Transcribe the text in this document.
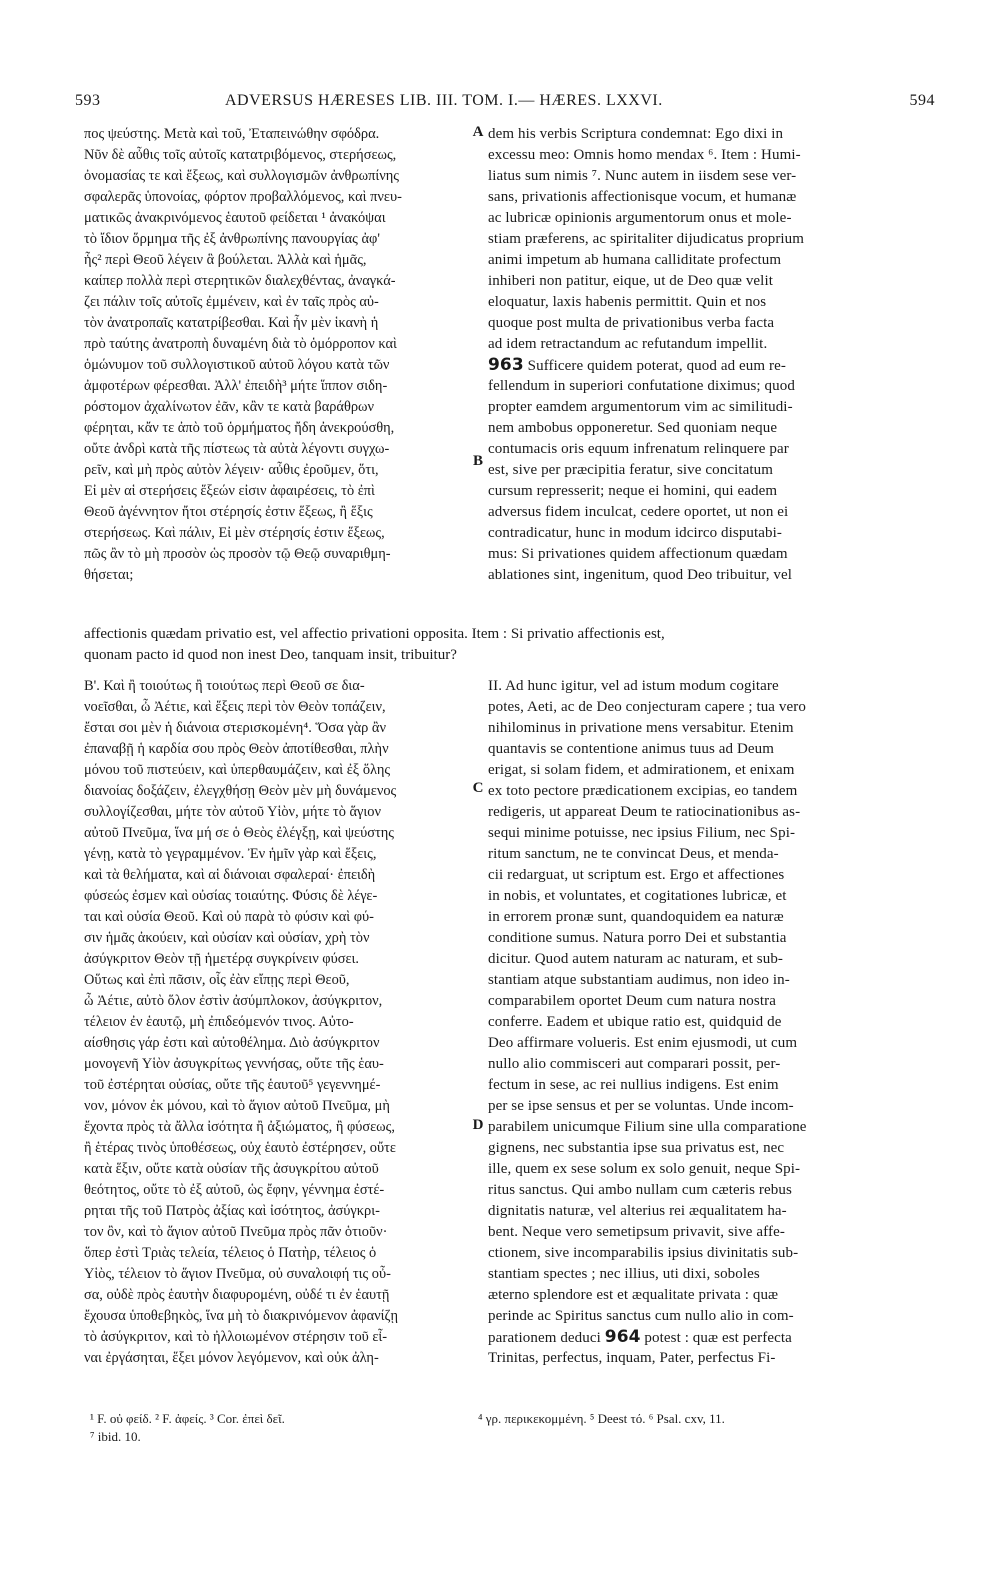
593	ADVERSUS HÆRESES LIB. III. TOM. I.— HÆRES. LXXVI.	594
πος ψεύστης. Μετὰ καὶ τοῦ, Ἐταπεινώθην σφόδρα.
Νῦν δὲ αὖθις τοῖς αὐτοῖς κατατριβόμενος, στερήσεως,
ὀνομασίας τε καὶ ἕξεως, καὶ συλλογισμῶν ἀνθρωπίνης
σφαλερᾶς ὑπονοίας, φόρτον προβαλλόμενος, καὶ πνευ-
ματικῶς ἀνακρινόμενος ἑαυτοῦ φείδεται ¹ ἀνακόψαι
τὸ ἴδιον ὅρμημα τῆς ἐξ ἀνθρωπίνης πανουργίας ἀφ'
ἧς² περὶ Θεοῦ λέγειν ἃ βούλεται. Ἀλλὰ καὶ ἡμᾶς,
καίπερ πολλὰ περὶ στερητικῶν διαλεχθέντας, ἀναγκά-
ζει πάλιν τοῖς αὐτοῖς ἐμμένειν, καὶ ἐν ταῖς πρὸς αὐ-
τὸν ἀνατροπαῖς κατατρίβεσθαι. Καὶ ἦν μὲν ἱκανὴ ἡ
πρὸ ταύτης ἀνατροπὴ δυναμένη διὰ τὸ ὁμόρροπον καὶ
ὁμώνυμον τοῦ συλλογιστικοῦ αὐτοῦ λόγου κατὰ τῶν
ἀμφοτέρων φέρεσθαι. Ἀλλ' ἐπειδὴ³ μήτε ἵππον σιδη-
ρόστομον ἀχαλίνωτον ἐᾶν, κἂν τε κατὰ βαράθρων
φέρηται, κἄν τε ἀπὸ τοῦ ὁρμήματος ἤδη ἀνεκρούσθη,
οὔτε ἀνδρὶ κατὰ τῆς πίστεως τὰ αὐτὰ λέγοντι συγχω-
ρεῖν, καὶ μὴ πρὸς αὐτὸν λέγειν· αὖθις ἐροῦμεν, ὅτι,
Εἰ μὲν αἱ στερήσεις ἕξεών εἰσιν ἀφαιρέσεις, τὸ ἐπὶ
Θεοῦ ἀγέννητον ἤτοι στέρησίς ἐστιν ἕξεως, ἢ ἕξις
στερήσεως. Καὶ πάλιν, Εἰ μὲν στέρησίς ἐστιν ἕξεως,
πῶς ἂν τὸ μὴ προσὸν ὡς προσὸν τῷ Θεῷ συναριθμη-
θήσεται;
dem his verbis Scriptura condemnat: Ego dixi in
excessu meo: Omnis homo mendax ⁶. Item : Humi-
liatus sum nimis ⁷. Nunc autem in iisdem sese ver-
sans, privationis affectionisque vocum, et humanæ
ac lubricæ opinionis argumentorum onus et mole-
stiam præferens, ac spiritaliter dijudicatus proprium
animi impetum ab humana calliditate profectum
inhiberi non patitur, eique, ut de Deo quæ velit
eloquatur, laxis habenis permittit. Quin et nos
quoque post multa de privationibus verba facta
ad idem retractandum ac refutandum impellit.
963 Sufficere quidem poterat, quod ad eum re-
fellendum in superiori confutatione diximus; quod
propter eamdem argumentorum vim ac similitudi-
nem ambobus opponeretur. Sed quoniam neque
contumacis oris equum infrenatum relinquere par
est, sive per præcipitia feratur, sive concitatum
cursum represserit; neque ei homini, qui eadem
adversus fidem inculcat, cedere oportet, ut non ei
contradicatur, hunc in modum idcirco disputabi-
mus: Si privationes quidem affectionum quædam
ablationes sint, ingenitum, quod Deo tribuitur, vel
affectionis quædam privatio est, vel affectio privationi opposita. Item : Si privatio affectionis est,
quonam pacto id quod non inest Deo, tanquam insit, tribuitur?
Β'. Καὶ ἢ τοιούτως ἢ τοιούτως περὶ Θεοῦ σε δια-
νοεῖσθαι, ὦ Ἀέτιε, καὶ ἕξεις περὶ τὸν Θεὸν τοπάζειν,
ἔσται σοι μὲν ἡ διάνοια στερισκομένη⁴. Ὅσα γὰρ ἂν
ἐπαναβῇ ἡ καρδία σου πρὸς Θεὸν ἀποτίθεσθαι, πλὴν
μόνου τοῦ πιστεύειν, καὶ ὑπερθαυμάζειν, καὶ ἐξ ὅλης
διανοίας δοξάζειν, ἐλεγχθήσῃ Θεὸν μὲν μὴ δυνάμενος
συλλογίζεσθαι, μήτε τὸν αὐτοῦ Υἱὸν, μήτε τὸ ἅγιον
αὐτοῦ Πνεῦμα, ἵνα μή σε ὁ Θεὸς ἐλέγξῃ, καὶ ψεύστης
γένῃ, κατὰ τὸ γεγραμμένον. Ἐν ἡμῖν γὰρ καὶ ἕξεις,
καὶ τὰ θελήματα, καὶ αἱ διάνοιαι σφαλεραί· ἐπειδὴ
φύσεώς ἐσμεν καὶ οὐσίας τοιαύτης. Φύσις δὲ λέγε-
ται καὶ οὐσία Θεοῦ. Καὶ οὐ παρὰ τὸ φύσιν καὶ φύ-
σιν ἡμᾶς ἀκούειν, καὶ οὐσίαν καὶ οὐσίαν, χρὴ τὸν
ἀσύγκριτον Θεὸν τῇ ἡμετέρᾳ συγκρίνειν φύσει.
Οὕτως καὶ ἐπὶ πᾶσιν, οἷς ἐὰν εἴπῃς περὶ Θεοῦ,
ὦ Ἀέτιε, αὐτὸ ὅλον ἐστὶν ἀσύμπλοκον, ἀσύγκριτον,
τέλειον ἐν ἑαυτῷ, μὴ ἐπιδεόμενόν τινος. Αὐτο-
αίσθησις γάρ ἐστι καὶ αὐτοθέλημα. Διὸ ἀσύγκριτον
μονογενῆ Υἱὸν ἀσυγκρίτως γεννήσας, οὔτε τῆς ἑαυ-
τοῦ ἐστέρηται οὐσίας, οὔτε τῆς ἑαυτοῦ⁵ γεγεννημέ-
νον, μόνον ἐκ μόνου, καὶ τὸ ἅγιον αὐτοῦ Πνεῦμα, μὴ
ἔχοντα πρὸς τὰ ἄλλα ἰσότητα ἢ ἀξιώματος, ἢ φύσεως,
ἢ ἑτέρας τινὸς ὑποθέσεως, οὐχ ἑαυτὸ ἐστέρησεν, οὔτε
κατὰ ἕξιν, οὔτε κατὰ οὐσίαν τῆς ἀσυγκρίτου αὐτοῦ
θεότητος, οὔτε τὸ ἐξ αὐτοῦ, ὡς ἔφην, γέννημα ἐστέ-
ρηται τῆς τοῦ Πατρὸς ἀξίας καὶ ἰσότητος, ἀσύγκρι-
τον ὂν, καὶ τὸ ἅγιον αὐτοῦ Πνεῦμα πρὸς πᾶν ὁτιοῦν·
ὅπερ ἐστὶ Τριὰς τελεία, τέλειος ὁ Πατὴρ, τέλειος ὁ
Υἱὸς, τέλειον τὸ ἅγιον Πνεῦμα, οὐ συναλοιφή τις οὖ-
σα, οὐδὲ πρὸς ἑαυτὴν διαφυρομένη, οὐδέ τι ἐν ἑαυτῇ
ἔχουσα ὑποθεβηκὸς, ἵνα μὴ τὸ διακρινόμενον ἀφανίζῃ
τὸ ἀσύγκριτον, καὶ τὸ ἠλλοιωμένον στέρησιν τοῦ εἶ-
ναι ἐργάσηται, ἕξει μόνον λεγόμενον, καὶ οὐκ ἀλη-
II. Ad hunc igitur, vel ad istum modum cogitare
potes, Aeti, ac de Deo conjecturam capere ; tua vero
nihilominus in privatione mens versabitur. Etenim
quantavis se contentione animus tuus ad Deum
erigat, si solam fidem, et admirationem, et enixam
ex toto pectore prædicationem excipias, eo tandem
redigeris, ut appareat Deum te ratiocinationibus as-
sequi minime potuisse, nec ipsius Filium, nec Spi-
ritum sanctum, ne te convincat Deus, et menda-
cii redarguat, ut scriptum est. Ergo et affectiones
in nobis, et voluntates, et cogitationes lubricæ, et
in errorem pronæ sunt, quandoquidem ea naturæ
conditione sumus. Natura porro Dei et substantia
dicitur. Quod autem naturam ac naturam, et sub-
stantiam atque substantiam audimus, non ideo in-
comparabilem oportet Deum cum natura nostra
conferre. Eadem et ubique ratio est, quidquid de
Deo affirmare volueris. Est enim ejusmodi, ut cum
nullo alio commisceri aut comparari possit, per-
fectum in sese, ac rei nullius indigens. Est enim
per se ipse sensus et per se voluntas. Unde incom-
parabilem unicumque Filium sine ulla comparatione
gignens, nec substantia ipse sua privatus est, nec
ille, quem ex sese solum ex solo genuit, neque Spi-
ritus sanctus. Qui ambo nullam cum cæteris rebus
dignitatis naturæ, vel alterius rei æqualitatem ha-
bent. Neque vero semetipsum privavit, sive affe-
ctionem, sive incomparabilis ipsius divinitatis sub-
stantiam spectes ; nec illius, uti dixi, soboles
æterno splendore est et æqualitate privata : quæ
perinde ac Spiritus sanctus cum nullo alio in com-
parationem deduci 964 potest : quæ est perfecta
Trinitas, perfectus, inquam, Pater, perfectus Fi-
A
B
C
D
¹ F. οὐ φείδ. ² F. ἀφείς. ³ Cor. ἐπεὶ δεῖ.
⁷ ibid. 10.
⁴ γρ. περικεκομμένη. ⁵ Deest τό. ⁶ Psal. cxv, 11.
